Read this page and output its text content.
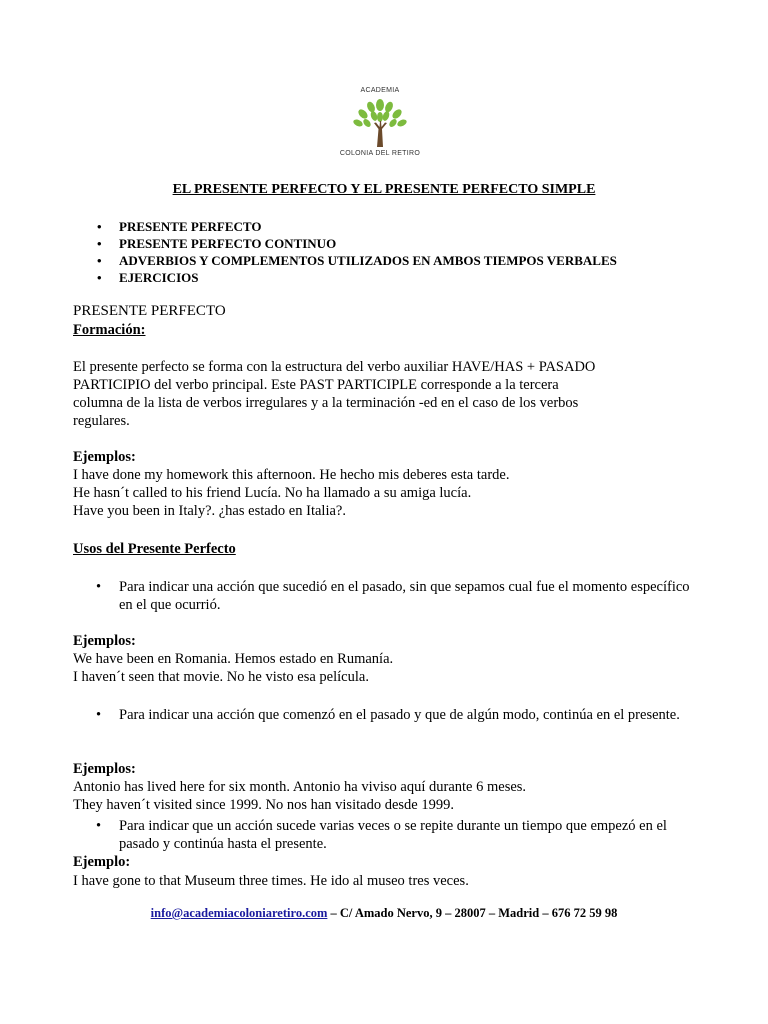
ACADEMIA
COLONIA DEL RETIRO
EL PRESENTE PERFECTO Y EL PRESENTE PERFECTO SIMPLE
• PRESENTE PERFECTO
• PRESENTE PERFECTO CONTINUO
• ADVERBIOS Y COMPLEMENTOS UTILIZADOS EN AMBOS TIEMPOS VERBALES
• EJERCICIOS
PRESENTE PERFECTO
Formación:
El presente perfecto se forma con la estructura del verbo auxiliar HAVE/HAS + PASADO
PARTICIPIO del verbo principal. Este PAST PARTICIPLE corresponde a la tercera
columna de la lista de verbos irregulares y a la terminación -ed en el caso de los verbos
regulares.
Ejemplos:
I have done my homework this afternoon. He hecho mis deberes esta tarde.
He hasn´t called to his friend Lucía. No ha llamado a su amiga lucía.
Have you been in Italy?. ¿has estado en Italia?.
Usos del Presente Perfecto
• Para indicar una acción que sucedió en el pasado, sin que sepamos cual fue el momento específico en el que ocurrió.
Ejemplos:
We have been en Romania. Hemos estado en Rumanía.
I haven´t seen that movie. No he visto esa película.
• Para indicar una acción que comenzó en el pasado y que de algún modo, continúa en el presente.
Ejemplos:
Antonio has lived here for six month. Antonio ha viviso aquí durante 6 meses.
They haven´t visited since 1999. No nos han visitado desde 1999.
• Para indicar que un acción sucede varias veces o se repite durante un tiempo que empezó en el pasado y continúa hasta el presente.
Ejemplo:
I have gone to that Museum three times. He ido al museo tres veces.
info@academiacoloniaretiro.com – C/ Amado Nervo, 9 – 28007 – Madrid – 676 72 59 98
